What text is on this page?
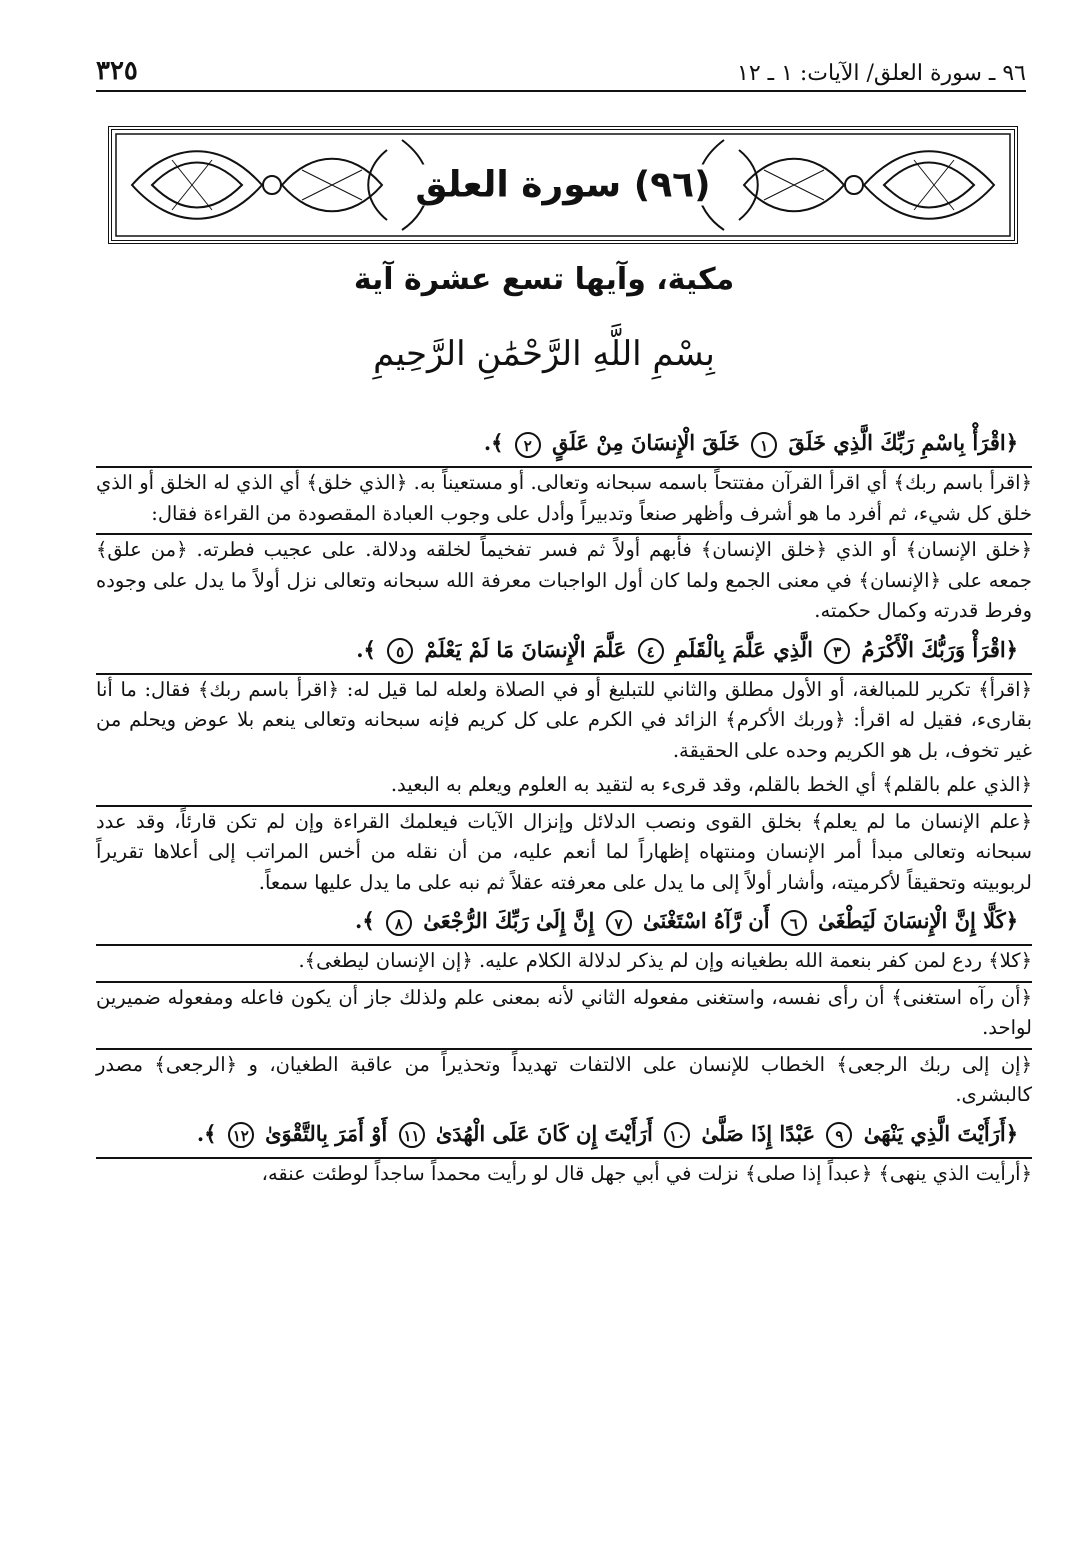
٩٦ ـ سورة العلق/ الآيات: ١ ـ ١٢
٣٢٥
(٩٦) سورة العلق
مكية، وآيها تسع عشرة آية
بِسْمِ اللَّهِ الرَّحْمَٰنِ الرَّحِيمِ
﴿اقْرَأْ بِاسْمِ رَبِّكَ الَّذِي خَلَقَ ١ خَلَقَ الْإِنسَانَ مِنْ عَلَقٍ ٢ ﴾.

﴿اقرأ باسم ربك﴾ أي اقرأ القرآن مفتتحاً باسمه سبحانه وتعالى. أو مستعيناً به. ﴿الذي خلق﴾ أي الذي له الخلق أو الذي خلق كل شيء، ثم أفرد ما هو أشرف وأظهر صنعاً وتدبيراً وأدل على وجوب العبادة المقصودة من القراءة فقال:

﴿خلق الإنسان﴾ أو الذي ﴿خلق الإنسان﴾ فأبهم أولاً ثم فسر تفخيماً لخلقه ودلالة. على عجيب فطرته. ﴿من علق﴾ جمعه على ﴿الإنسان﴾ في معنى الجمع ولما كان أول الواجبات معرفة الله سبحانه وتعالى نزل أولاً ما يدل على وجوده وفرط قدرته وكمال حكمته.

﴿اقْرَأْ وَرَبُّكَ الْأَكْرَمُ ٣ الَّذِي عَلَّمَ بِالْقَلَمِ ٤ عَلَّمَ الْإِنسَانَ مَا لَمْ يَعْلَمْ ٥ ﴾.

﴿اقرأ﴾ تكرير للمبالغة، أو الأول مطلق والثاني للتبليغ أو في الصلاة ولعله لما قيل له: ﴿اقرأ باسم ربك﴾ فقال: ما أنا بقارىء، فقيل له اقرأ: ﴿وربك الأكرم﴾ الزائد في الكرم على كل كريم فإنه سبحانه وتعالى ينعم بلا عوض ويحلم من غير تخوف، بل هو الكريم وحده على الحقيقة.

﴿الذي علم بالقلم﴾ أي الخط بالقلم، وقد قرىء به لتقيد به العلوم ويعلم به البعيد.

﴿علم الإنسان ما لم يعلم﴾ بخلق القوى ونصب الدلائل وإنزال الآيات فيعلمك القراءة وإن لم تكن قارئاً، وقد عدد سبحانه وتعالى مبدأ أمر الإنسان ومنتهاه إظهاراً لما أنعم عليه، من أن نقله من أخس المراتب إلى أعلاها تقريراً لربوبيته وتحقيقاً لأكرميته، وأشار أولاً إلى ما يدل على معرفته عقلاً ثم نبه على ما يدل عليها سمعاً.

﴿كَلَّا إِنَّ الْإِنسَانَ لَيَطْغَىٰ ٦ أَن رَّآهُ اسْتَغْنَىٰ ٧ إِنَّ إِلَىٰ رَبِّكَ الرُّجْعَىٰ ٨ ﴾.

﴿كلا﴾ ردع لمن كفر بنعمة الله بطغيانه وإن لم يذكر لدلالة الكلام عليه. ﴿إن الإنسان ليطغى﴾.

﴿أن رآه استغنى﴾ أن رأى نفسه، واستغنى مفعوله الثاني لأنه بمعنى علم ولذلك جاز أن يكون فاعله ومفعوله ضميرين لواحد.

﴿إن إلى ربك الرجعى﴾ الخطاب للإنسان على الالتفات تهديداً وتحذيراً من عاقبة الطغيان، و ﴿الرجعى﴾ مصدر كالبشرى.

﴿أَرَأَيْتَ الَّذِي يَنْهَىٰ ٩ عَبْدًا إِذَا صَلَّىٰ ١٠ أَرَأَيْتَ إِن كَانَ عَلَى الْهُدَىٰ ١١ أَوْ أَمَرَ بِالتَّقْوَىٰ ١٢ ﴾.

﴿أرأيت الذي ينهى﴾ ﴿عبداً إذا صلى﴾ نزلت في أبي جهل قال لو رأيت محمداً ساجداً لوطئت عنقه،
